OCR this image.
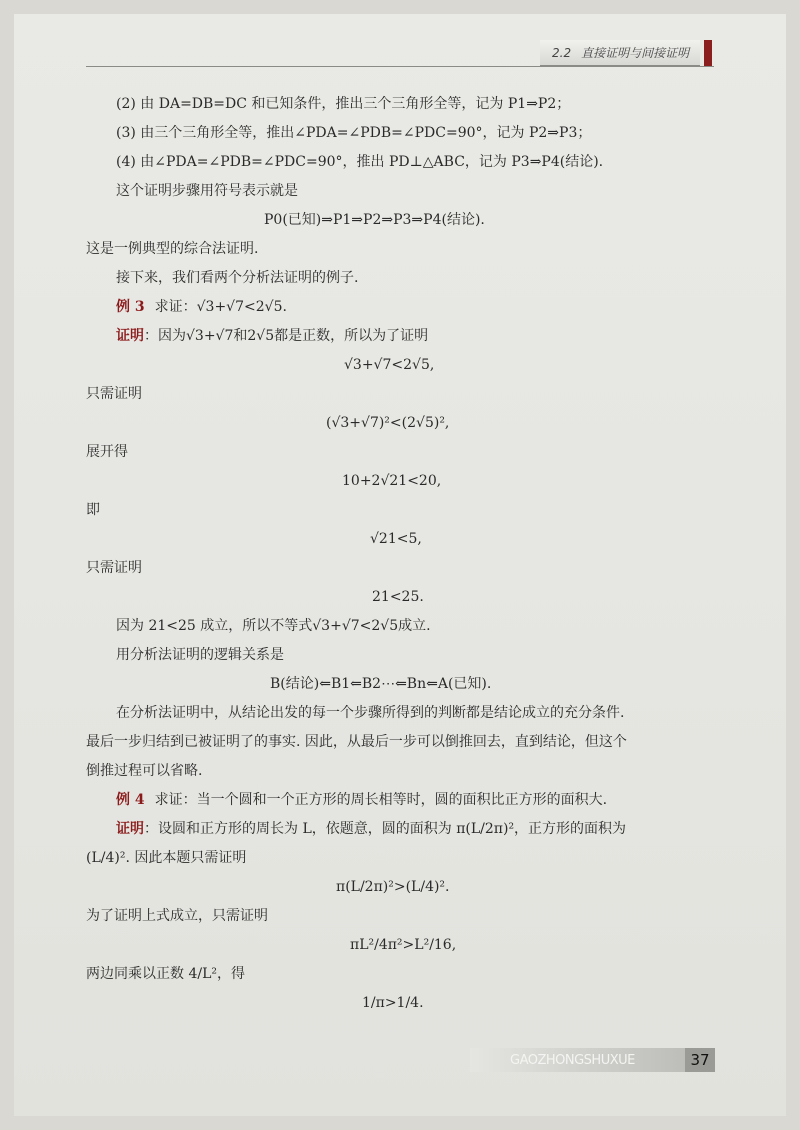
2.2 直接证明与间接证明
(2) 由 DA=DB=DC 和已知条件，推出三个三角形全等，记为 P1⇒P2；
(3) 由三个三角形全等，推出∠PDA=∠PDB=∠PDC=90°，记为 P2⇒P3；
(4) 由∠PDA=∠PDB=∠PDC=90°，推出 PD⊥△ABC，记为 P3⇒P4(结论).
这个证明步骤用符号表示就是
P0(已知)⇒P1⇒P2⇒P3⇒P4(结论).
这是一例典型的综合法证明.
接下来，我们看两个分析法证明的例子.
例 3 求证：√3+√7<2√5.
证明：因为√3+√7和2√5都是正数，所以为了证明
√3+√7<2√5,
只需证明
(√3+√7)²<(2√5)²,
展开得
10+2√21<20,
即
√21<5,
只需证明
21<25.
因为 21<25 成立，所以不等式√3+√7<2√5成立.
用分析法证明的逻辑关系是
B(结论)⇐B1⇐B2⋯⇐Bn⇐A(已知).
在分析法证明中，从结论出发的每一个步骤所得到的判断都是结论成立的充分条件.
最后一步归结到已被证明了的事实. 因此，从最后一步可以倒推回去，直到结论，但这个
倒推过程可以省略.
例 4 求证：当一个圆和一个正方形的周长相等时，圆的面积比正方形的面积大.
证明：设圆和正方形的周长为 L，依题意，圆的面积为 π(L/2π)²，正方形的面积为
(L/4)². 因此本题只需证明
π(L/2π)²>(L/4)².
为了证明上式成立，只需证明
πL²/4π²>L²/16,
两边同乘以正数 4/L²，得
1/π>1/4.
GAOZHONGSHUXUE	37
